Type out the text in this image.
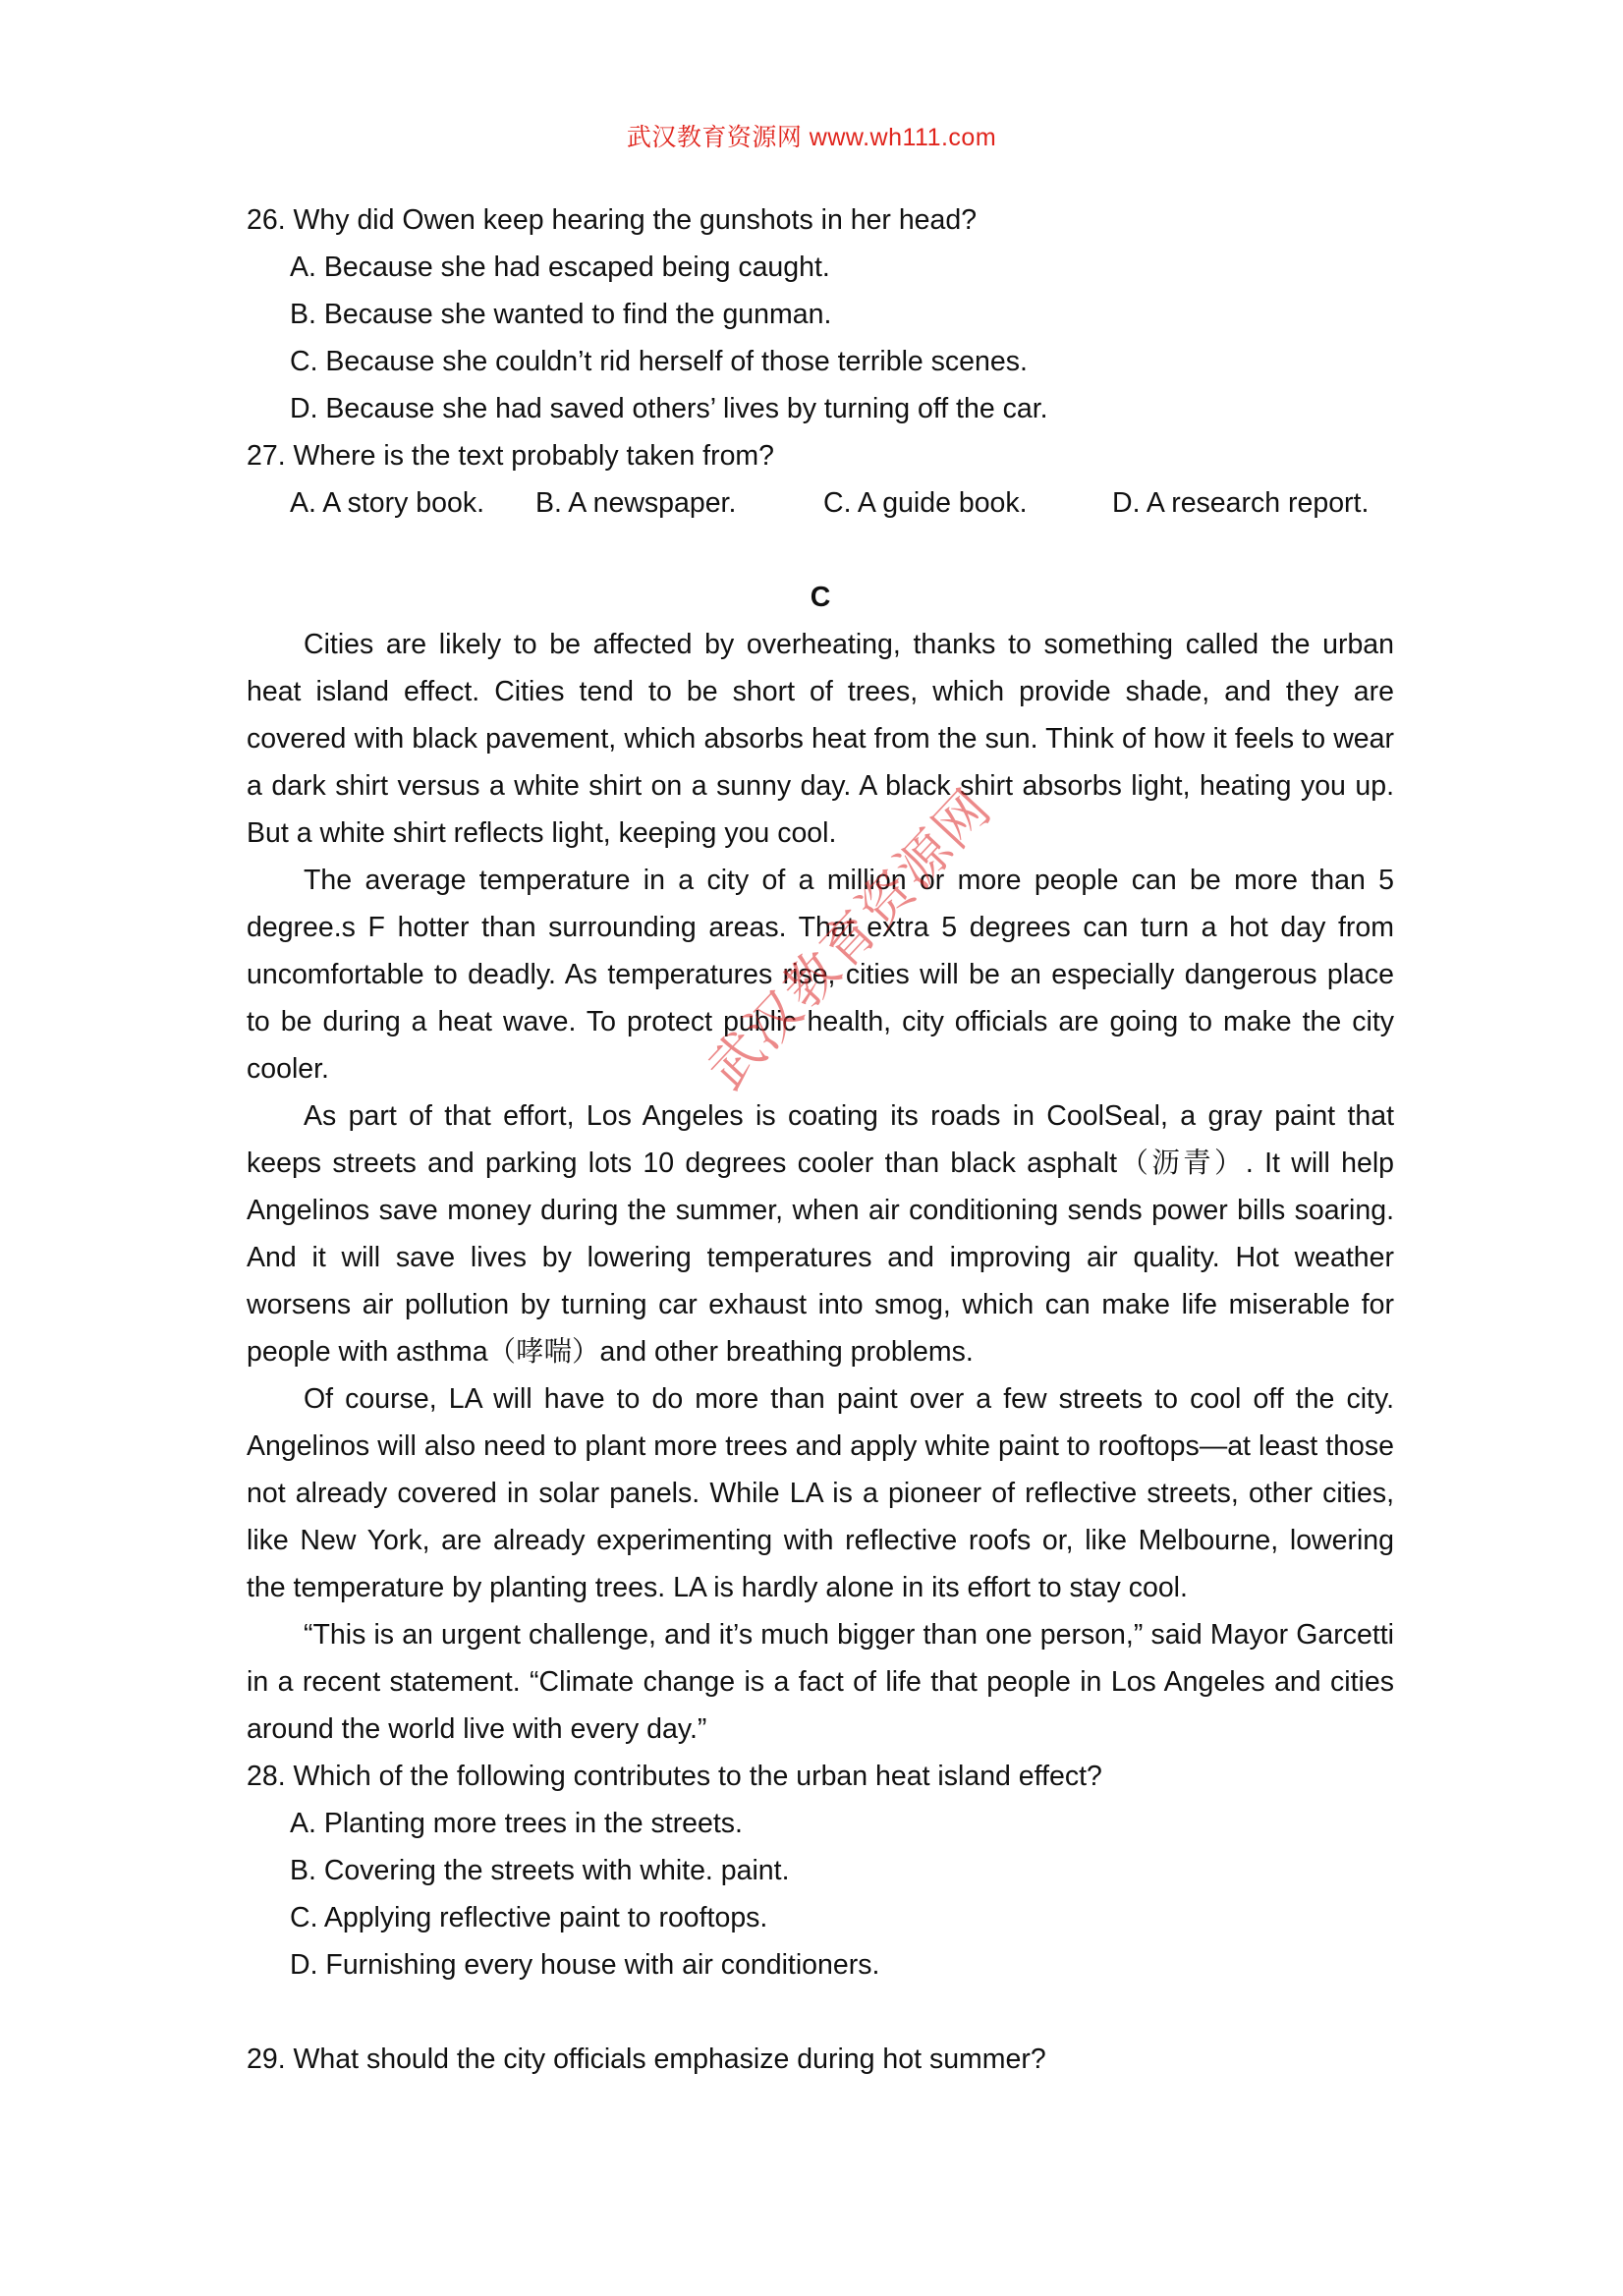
武汉教育资源网 www.wh111.com

26. Why did Owen keep hearing the gunshots in her head?

A. Because she had escaped being caught.

B. Because she wanted to find the gunman.

C. Because she couldn’t rid herself of those terrible scenes.

D. Because she had saved others’ lives by turning off the car.

27. Where is the text probably taken from?

A. A story book.	B. A newspaper.	C. A guide book.	D. A research report.

C

Cities are likely to be affected by overheating, thanks to something called the urban heat island effect. Cities tend to be short of trees, which provide shade, and they are covered with black pavement, which absorbs heat from the sun. Think of how it feels to wear a dark shirt versus a white shirt on a sunny day. A black shirt absorbs light, heating you up. But a white shirt reflects light, keeping you cool.

The average temperature in a city of a million or more people can be more than 5 degree.s F hotter than surrounding areas. That extra 5 degrees can turn a hot day from uncomfortable to deadly. As temperatures rise, cities will be an especially dangerous place to be during a heat wave. To protect public health, city officials are going to make the city cooler.

As part of that effort, Los Angeles is coating its roads in CoolSeal, a gray paint that keeps streets and parking lots 10 degrees cooler than black asphalt（沥青）. It will help Angelinos save money during the summer, when air conditioning sends power bills soaring. And it will save lives by lowering temperatures and improving air quality. Hot weather worsens air pollution by turning car exhaust into smog, which can make life miserable for people with asthma（哮喘）and other breathing problems.

Of course, LA will have to do more than paint over a few streets to cool off the city. Angelinos will also need to plant more trees and apply white paint to rooftops—at least those not already covered in solar panels. While LA is a pioneer of reflective streets, other cities, like New York, are already experimenting with reflective roofs or, like Melbourne, lowering the temperature by planting trees. LA is hardly alone in its effort to stay cool.

“This is an urgent challenge, and it’s much bigger than one person,” said Mayor Garcetti in a recent statement. “Climate change is a fact of life that people in Los Angeles and cities around the world live with every day.”

28. Which of the following contributes to the urban heat island effect?

A. Planting more trees in the streets.

B. Covering the streets with white. paint.

C. Applying reflective paint to rooftops.

D. Furnishing every house with air conditioners.

29. What should the city officials emphasize during hot summer?

武汉教育资源网
